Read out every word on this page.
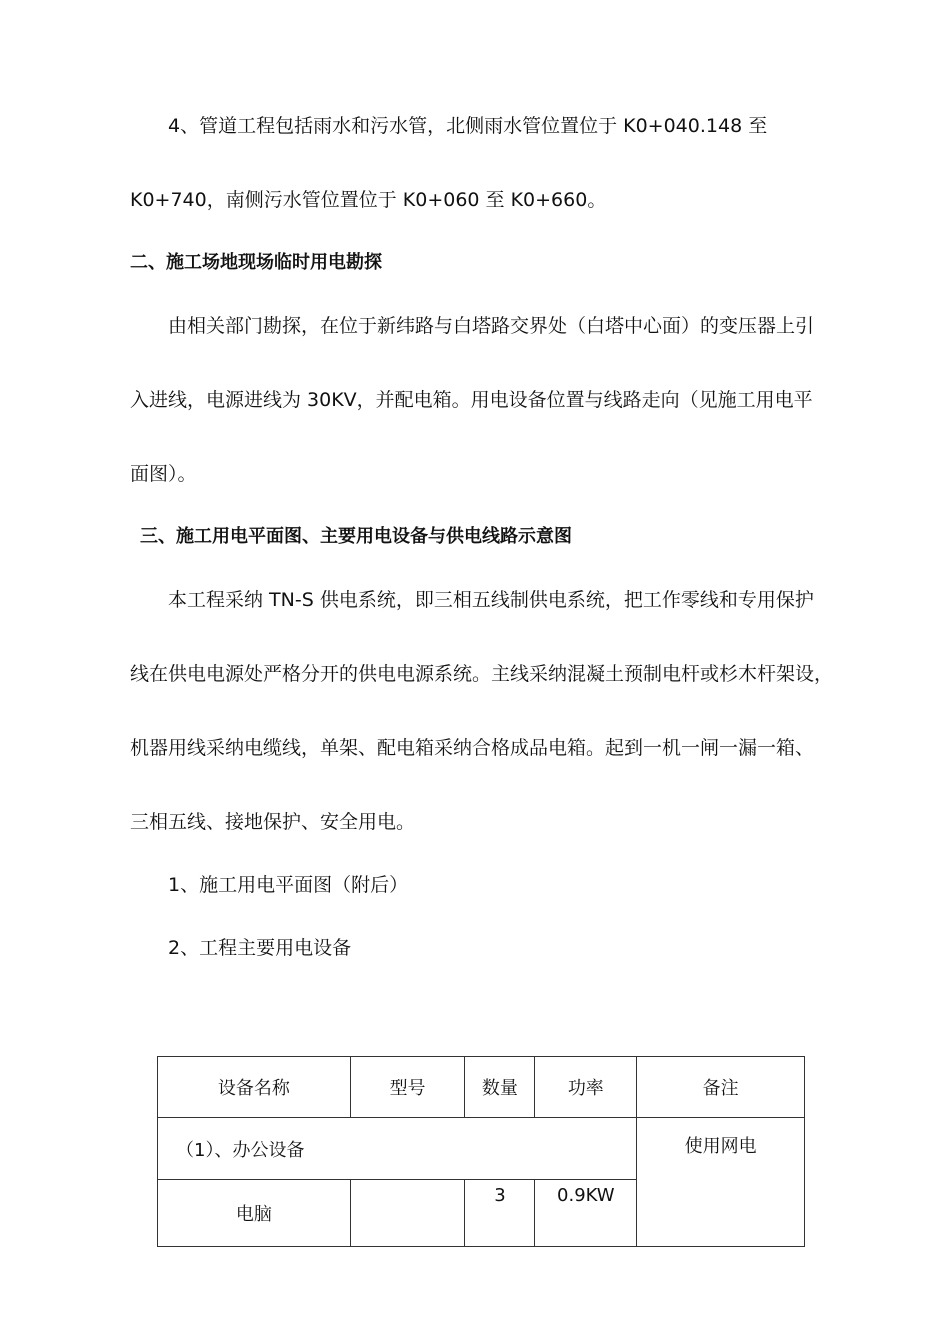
4、管道工程包括雨水和污水管，北侧雨水管位置位于 K0+040.148 至
K0+740，南侧污水管位置位于 K0+060 至 K0+660。
二、施工场地现场临时用电勘探
由相关部门勘探，在位于新纬路与白塔路交界处（白塔中心面）的变压器上引
入进线，电源进线为 30KV，并配电箱。用电设备位置与线路走向（见施工用电平
面图）。
三、施工用电平面图、主要用电设备与供电线路示意图
本工程采纳 TN-S 供电系统，即三相五线制供电系统，把工作零线和专用保护
线在供电电源处严格分开的供电电源系统。主线采纳混凝土预制电杆或杉木杆架设，
机器用线采纳电缆线，单架、配电箱采纳合格成品电箱。起到一机一闸一漏一箱、
三相五线、接地保护、安全用电。
1、施工用电平面图（附后）
2、工程主要用电设备
设备名称	型号	数量	功率	备注
（1）、办公设备				使用网电
电脑		3	0.9KW	
